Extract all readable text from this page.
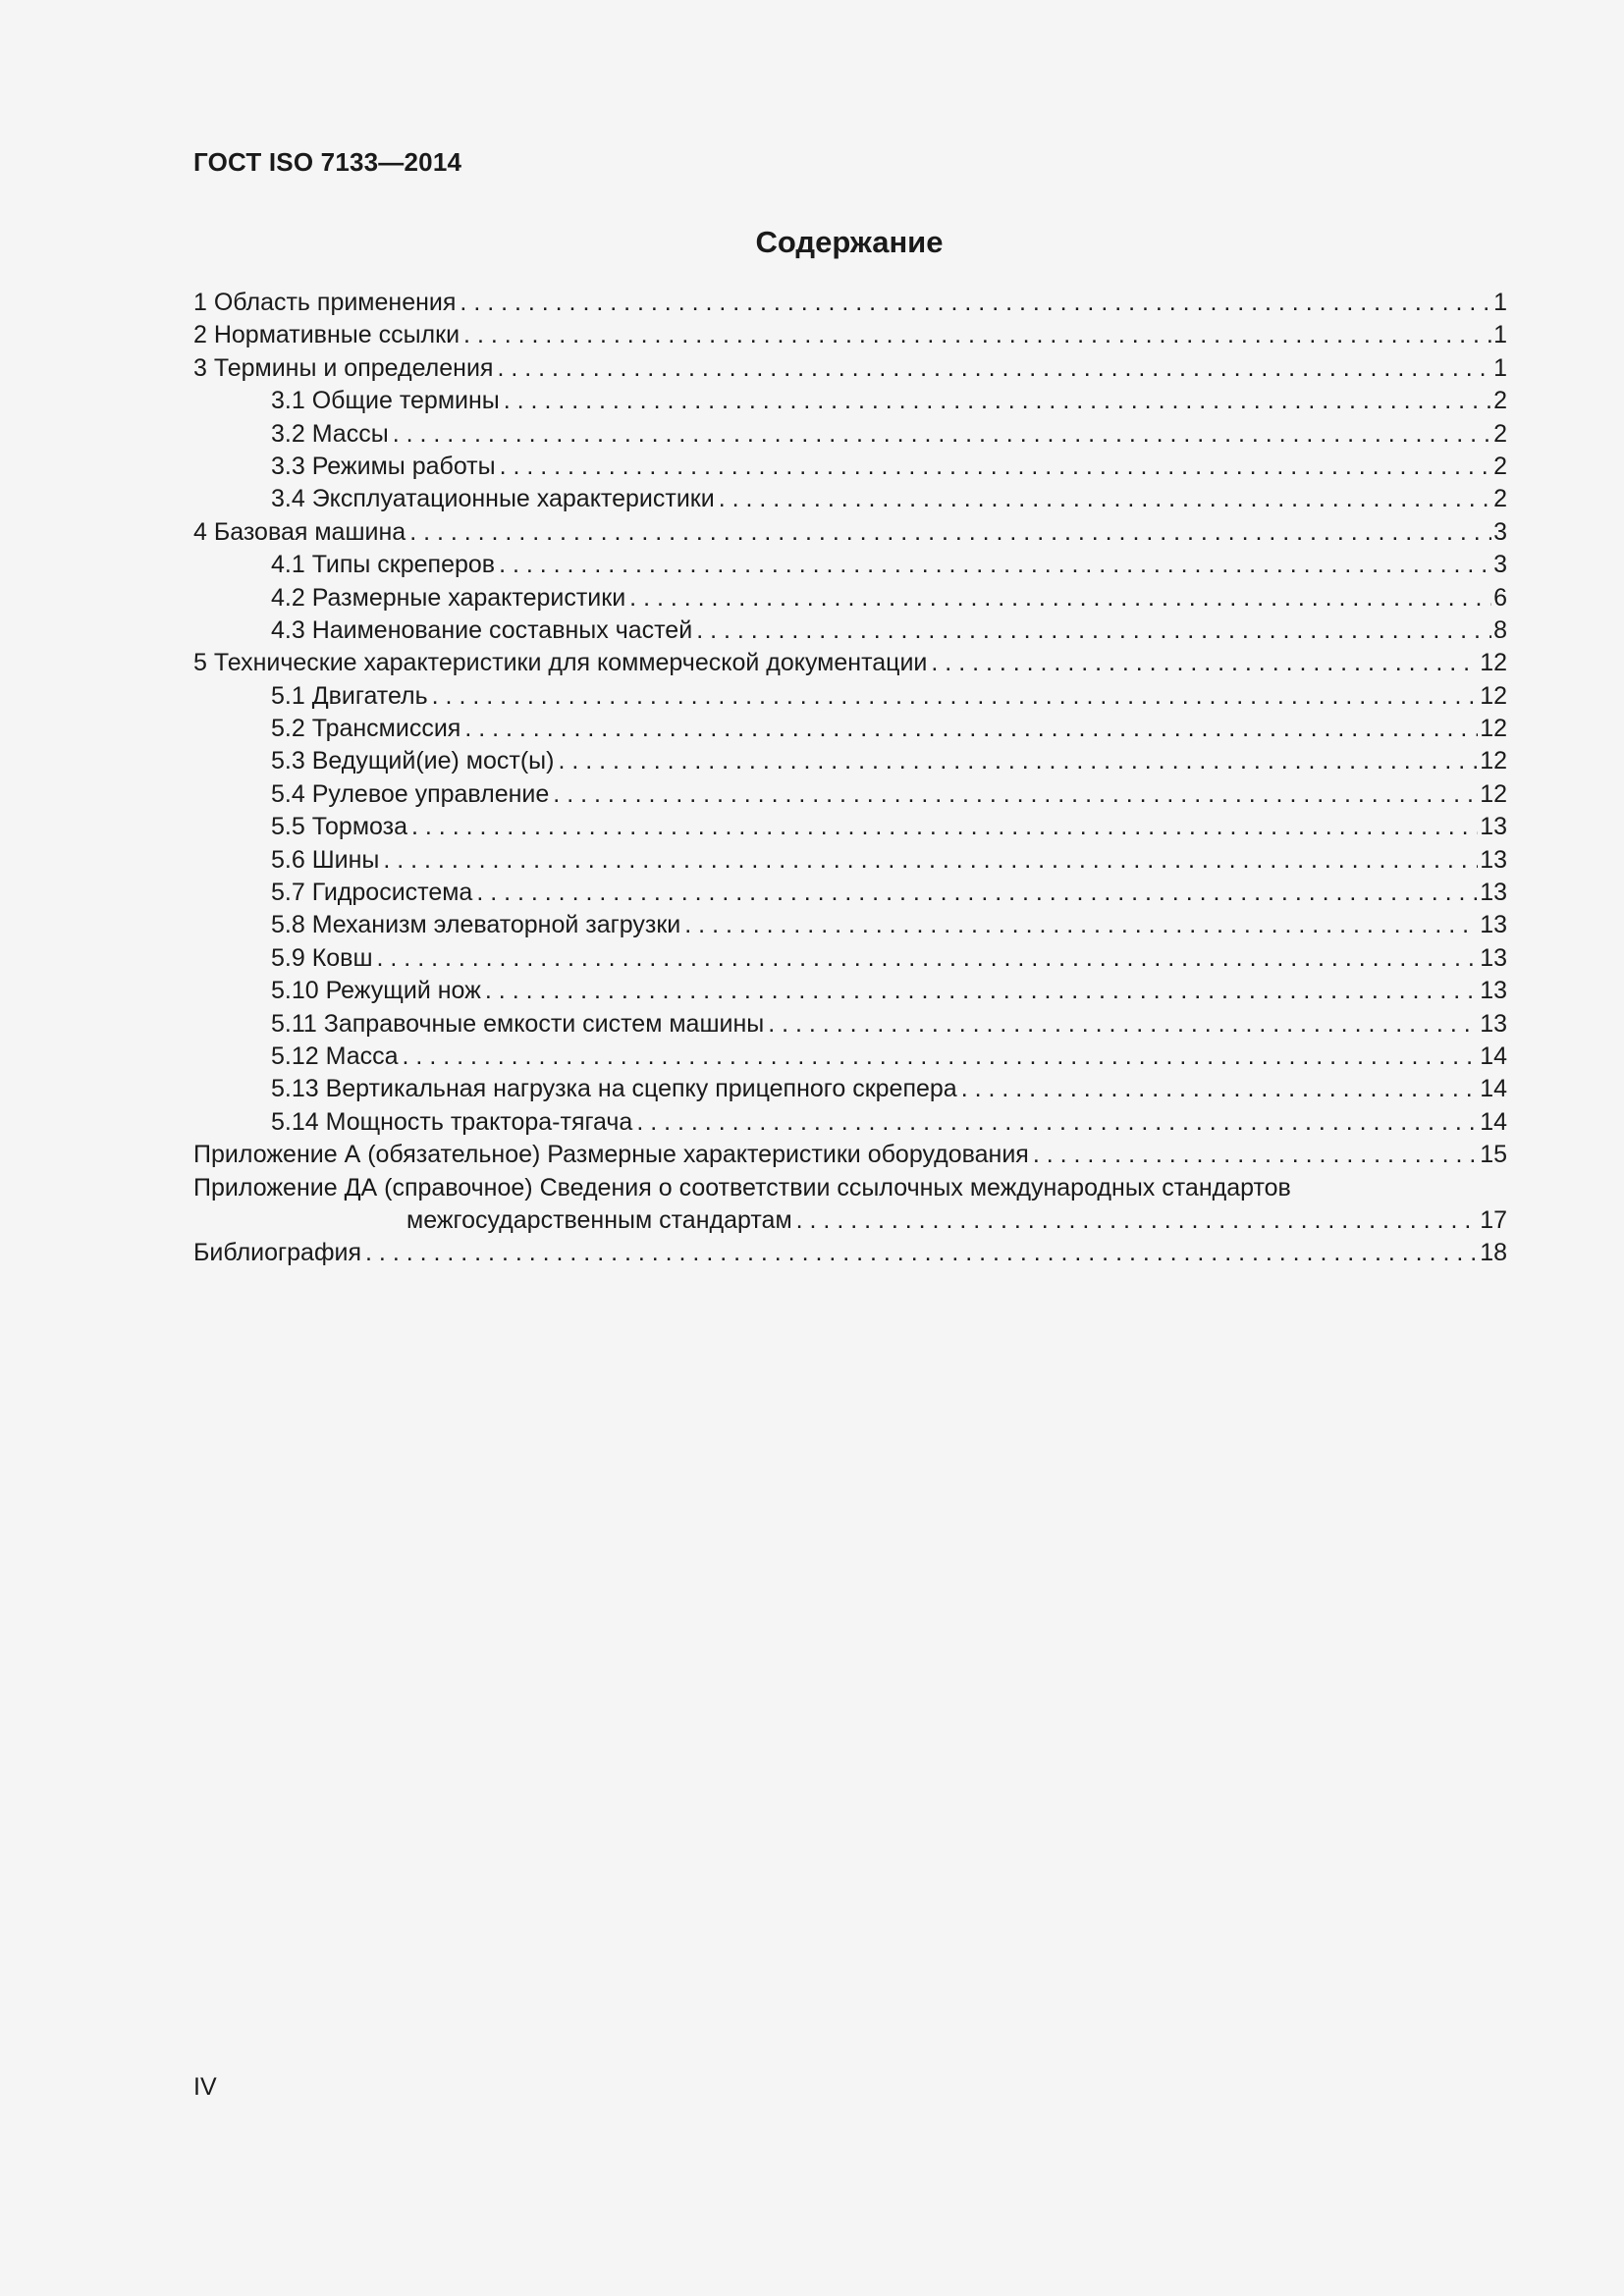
ГОСТ ISO 7133—2014
Содержание
1 Область применения . . .	1
2 Нормативные ссылки . . .	1
3 Термины и определения . . .	1
3.1 Общие термины . . .	2
3.2 Массы . . .	2
3.3 Режимы работы . . .	2
3.4 Эксплуатационные характеристики . . .	2
4 Базовая машина . . .	3
4.1 Типы скреперов . . .	3
4.2 Размерные характеристики . . .	6
4.3 Наименование составных частей . . .	8
5 Технические характеристики для коммерческой документации . . .	12
5.1 Двигатель . . .	12
5.2 Трансмиссия . . .	12
5.3 Ведущий(ие) мост(ы) . . .	12
5.4 Рулевое управление . . .	12
5.5 Тормоза . . .	13
5.6 Шины . . .	13
5.7 Гидросистема . . .	13
5.8 Механизм элеваторной загрузки . . .	13
5.9 Ковш . . .	13
5.10 Режущий нож . . .	13
5.11 Заправочные емкости систем машины . . .	13
5.12 Масса . . .	14
5.13 Вертикальная нагрузка на сцепку прицепного скрепера . . .	14
5.14 Мощность трактора-тягача . . .	14
Приложение А (обязательное) Размерные характеристики оборудования . . .	15
Приложение ДА (справочное) Сведения о соответствии ссылочных международных стандартов
межгосударственным стандартам . . .	17
Библиография . . .	18
IV
